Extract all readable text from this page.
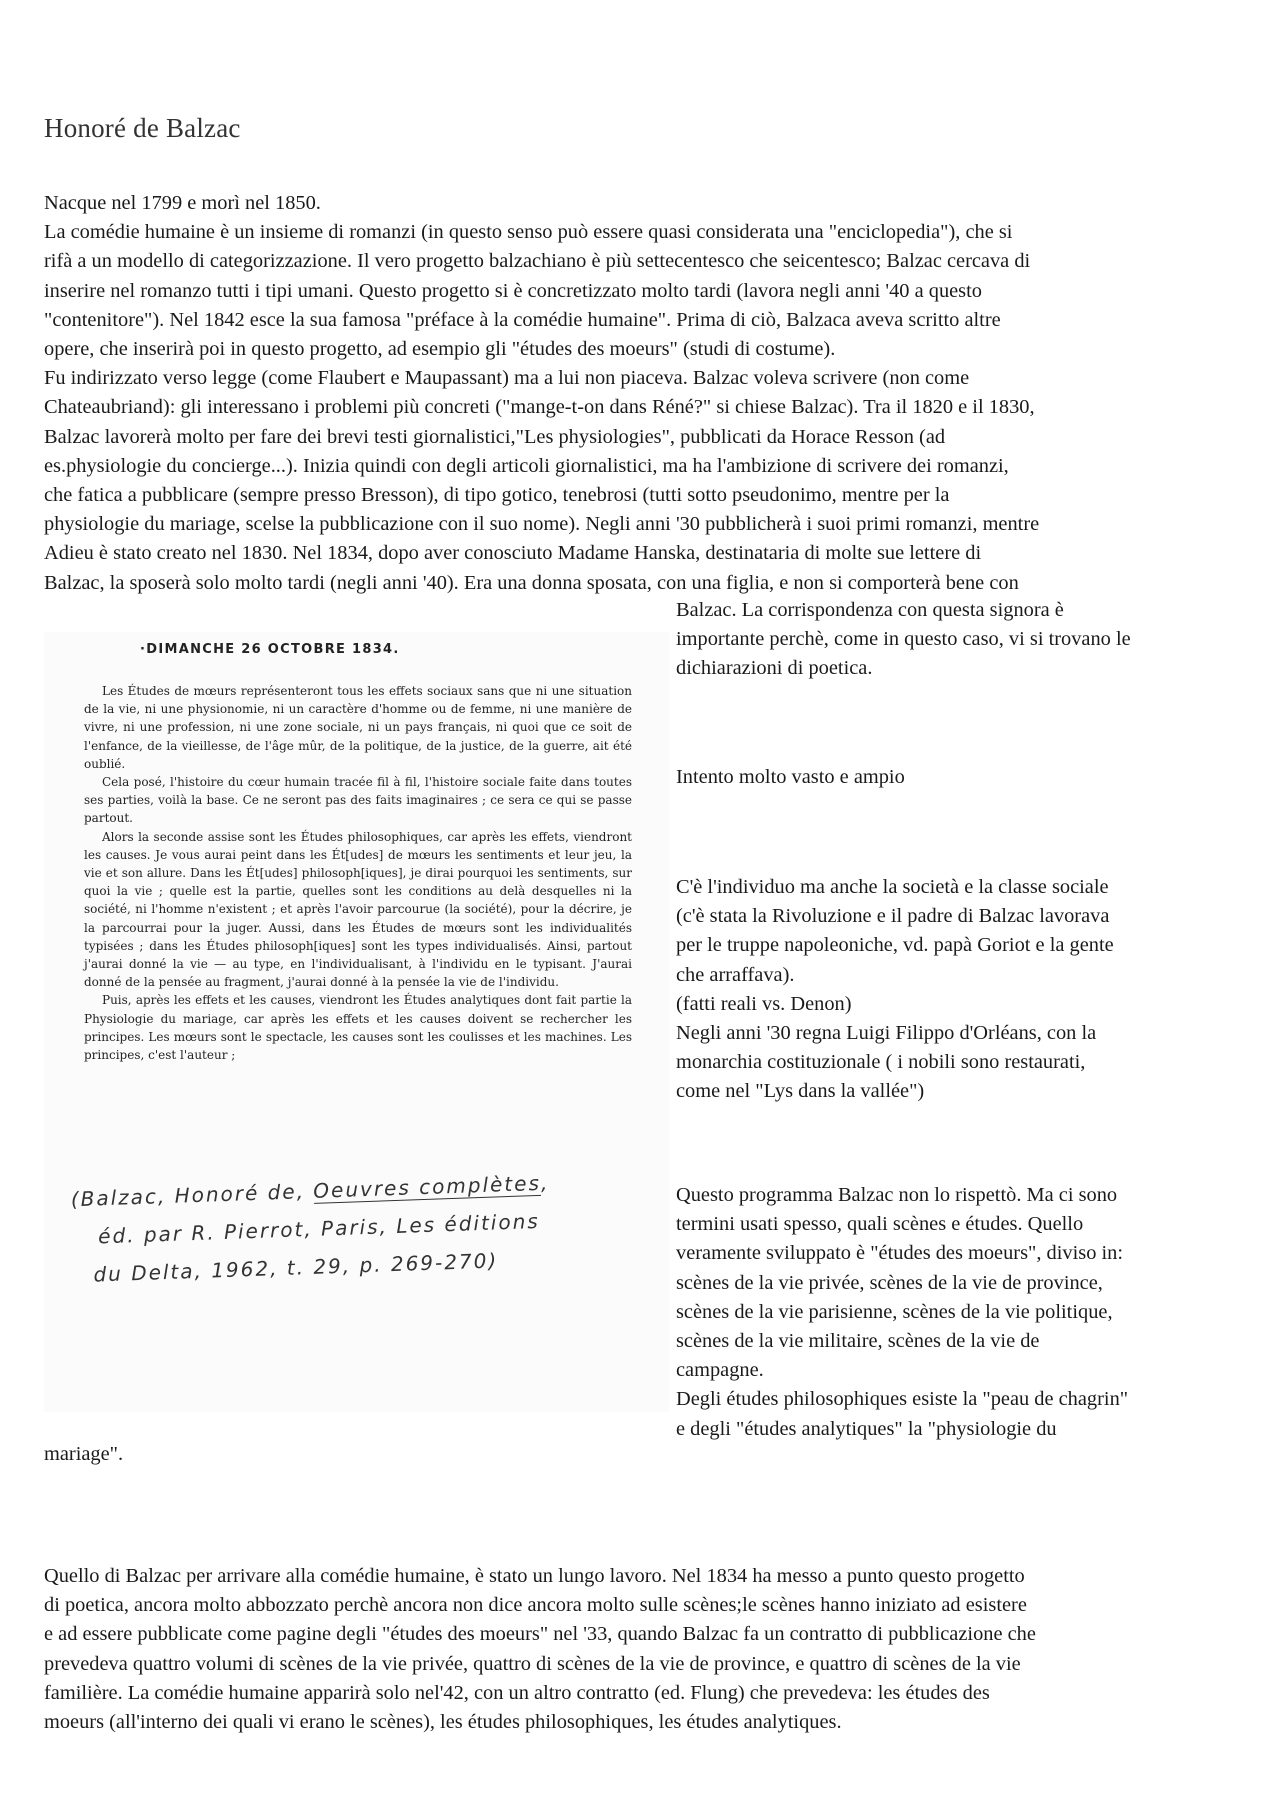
Honoré de Balzac
Nacque nel 1799 e morì nel 1850.
La comédie humaine è un insieme di romanzi (in questo senso può essere quasi considerata una "enciclopedia"), che si
rifà a un modello di categorizzazione. Il vero progetto balzachiano è più settecentesco che seicentesco; Balzac cercava di
inserire nel romanzo tutti i tipi umani. Questo progetto si è concretizzato molto tardi (lavora negli anni '40 a questo
"contenitore"). Nel 1842 esce la sua famosa "préface à la comédie humaine". Prima di ciò, Balzaca aveva scritto altre
opere, che inserirà poi in questo progetto, ad esempio gli "études des moeurs" (studi di costume).
Fu indirizzato verso legge (come Flaubert e Maupassant) ma a lui non piaceva. Balzac voleva scrivere (non come
Chateaubriand): gli interessano i problemi più concreti ("mange-t-on dans Réné?" si chiese Balzac). Tra il 1820 e il 1830,
Balzac lavorerà molto per fare dei brevi testi giornalistici,"Les physiologies", pubblicati da Horace Resson (ad
es.physiologie du concierge...). Inizia quindi con degli articoli giornalistici, ma ha l'ambizione di scrivere dei romanzi,
che fatica a pubblicare (sempre presso Bresson), di tipo gotico, tenebrosi (tutti sotto pseudonimo, mentre per la
physiologie du mariage, scelse la pubblicazione con il suo nome). Negli anni '30 pubblicherà i suoi primi romanzi, mentre
Adieu è stato creato nel 1830. Nel 1834, dopo aver conosciuto Madame Hanska, destinataria di molte sue lettere di
Balzac, la sposerà solo molto tardi (negli anni '40). Era una donna sposata, con una figlia, e non si comporterà bene con
·DIMANCHE 26 OCTOBRE 1834.

Les Études de mœurs représenteront tous les effets sociaux sans que ni une situation de la vie, ni une physionomie, ni un caractère d'homme ou de femme, ni une manière de vivre, ni une profession, ni une zone sociale, ni un pays français, ni quoi que ce soit de l'enfance, de la vieillesse, de l'âge mûr, de la politique, de la justice, de la guerre, ait été oublié.

Cela posé, l'histoire du cœur humain tracée fil à fil, l'histoire sociale faite dans toutes ses parties, voilà la base. Ce ne seront pas des faits imaginaires ; ce sera ce qui se passe partout.

Alors la seconde assise sont les Études philosophiques, car après les effets, viendront les causes. Je vous aurai peint dans les Ét[udes] de mœurs les sentiments et leur jeu, la vie et son allure. Dans les Ét[udes] philosoph[iques], je dirai pourquoi les sentiments, sur quoi la vie ; quelle est la partie, quelles sont les conditions au delà desquelles ni la société, ni l'homme n'existent ; et après l'avoir parcourue (la société), pour la décrire, je la parcourrai pour la juger. Aussi, dans les Études de mœurs sont les individualités typisées ; dans les Études philosoph[iques] sont les types individualisés. Ainsi, partout j'aurai donné la vie — au type, en l'individualisant, à l'individu en le typisant. J'aurai donné de la pensée au fragment, j'aurai donné à la pensée la vie de l'individu.

Puis, après les effets et les causes, viendront les Études analytiques dont fait partie la Physiologie du mariage, car après les effets et les causes doivent se rechercher les principes. Les mœurs sont le spectacle, les causes sont les coulisses et les machines. Les principes, c'est l'auteur ;

(Balzac, Honoré de, Oeuvres complètes,
éd. par R. Pierrot, Paris, Les éditions
du Delta, 1962, t. 29, p. 269-270)
Balzac. La corrispondenza con questa signora è
importante perchè, come in questo caso, vi si trovano le
dichiarazioni di poetica.
Intento molto vasto e ampio
C'è l'individuo ma anche la società e la classe sociale
(c'è stata la Rivoluzione e il padre di Balzac lavorava
per le truppe napoleoniche, vd. papà Goriot e la gente
che arraffava).
(fatti reali vs. Denon)
Negli anni '30 regna Luigi Filippo d'Orléans, con la
monarchia costituzionale ( i nobili sono restaurati,
come nel "Lys dans la vallée")
Questo programma Balzac non lo rispettò. Ma ci sono
termini usati spesso, quali scènes e études. Quello
veramente sviluppato è "études des moeurs", diviso in:
scènes de la vie privée, scènes de la vie de province,
scènes de la vie parisienne, scènes de la vie politique,
scènes de la vie militaire, scènes de la vie de
campagne.
Degli études philosophiques esiste la "peau de chagrin"
e degli "études analytiques" la "physiologie du
mariage".
Quello di Balzac per arrivare alla comédie humaine, è stato un lungo lavoro. Nel 1834 ha messo a punto questo progetto
di poetica, ancora molto abbozzato perchè ancora non dice ancora molto sulle scènes;le scènes hanno iniziato ad esistere
e ad essere pubblicate come pagine degli "études des moeurs" nel '33, quando Balzac fa un contratto di pubblicazione che
prevedeva quattro volumi di scènes de la vie privée, quattro di scènes de la vie de province, e quattro di scènes de la vie
familière. La comédie humaine apparirà solo nel'42, con un altro contratto (ed. Flung) che prevedeva: les études des
moeurs (all'interno dei quali vi erano le scènes), les études philosophiques, les études analytiques.
